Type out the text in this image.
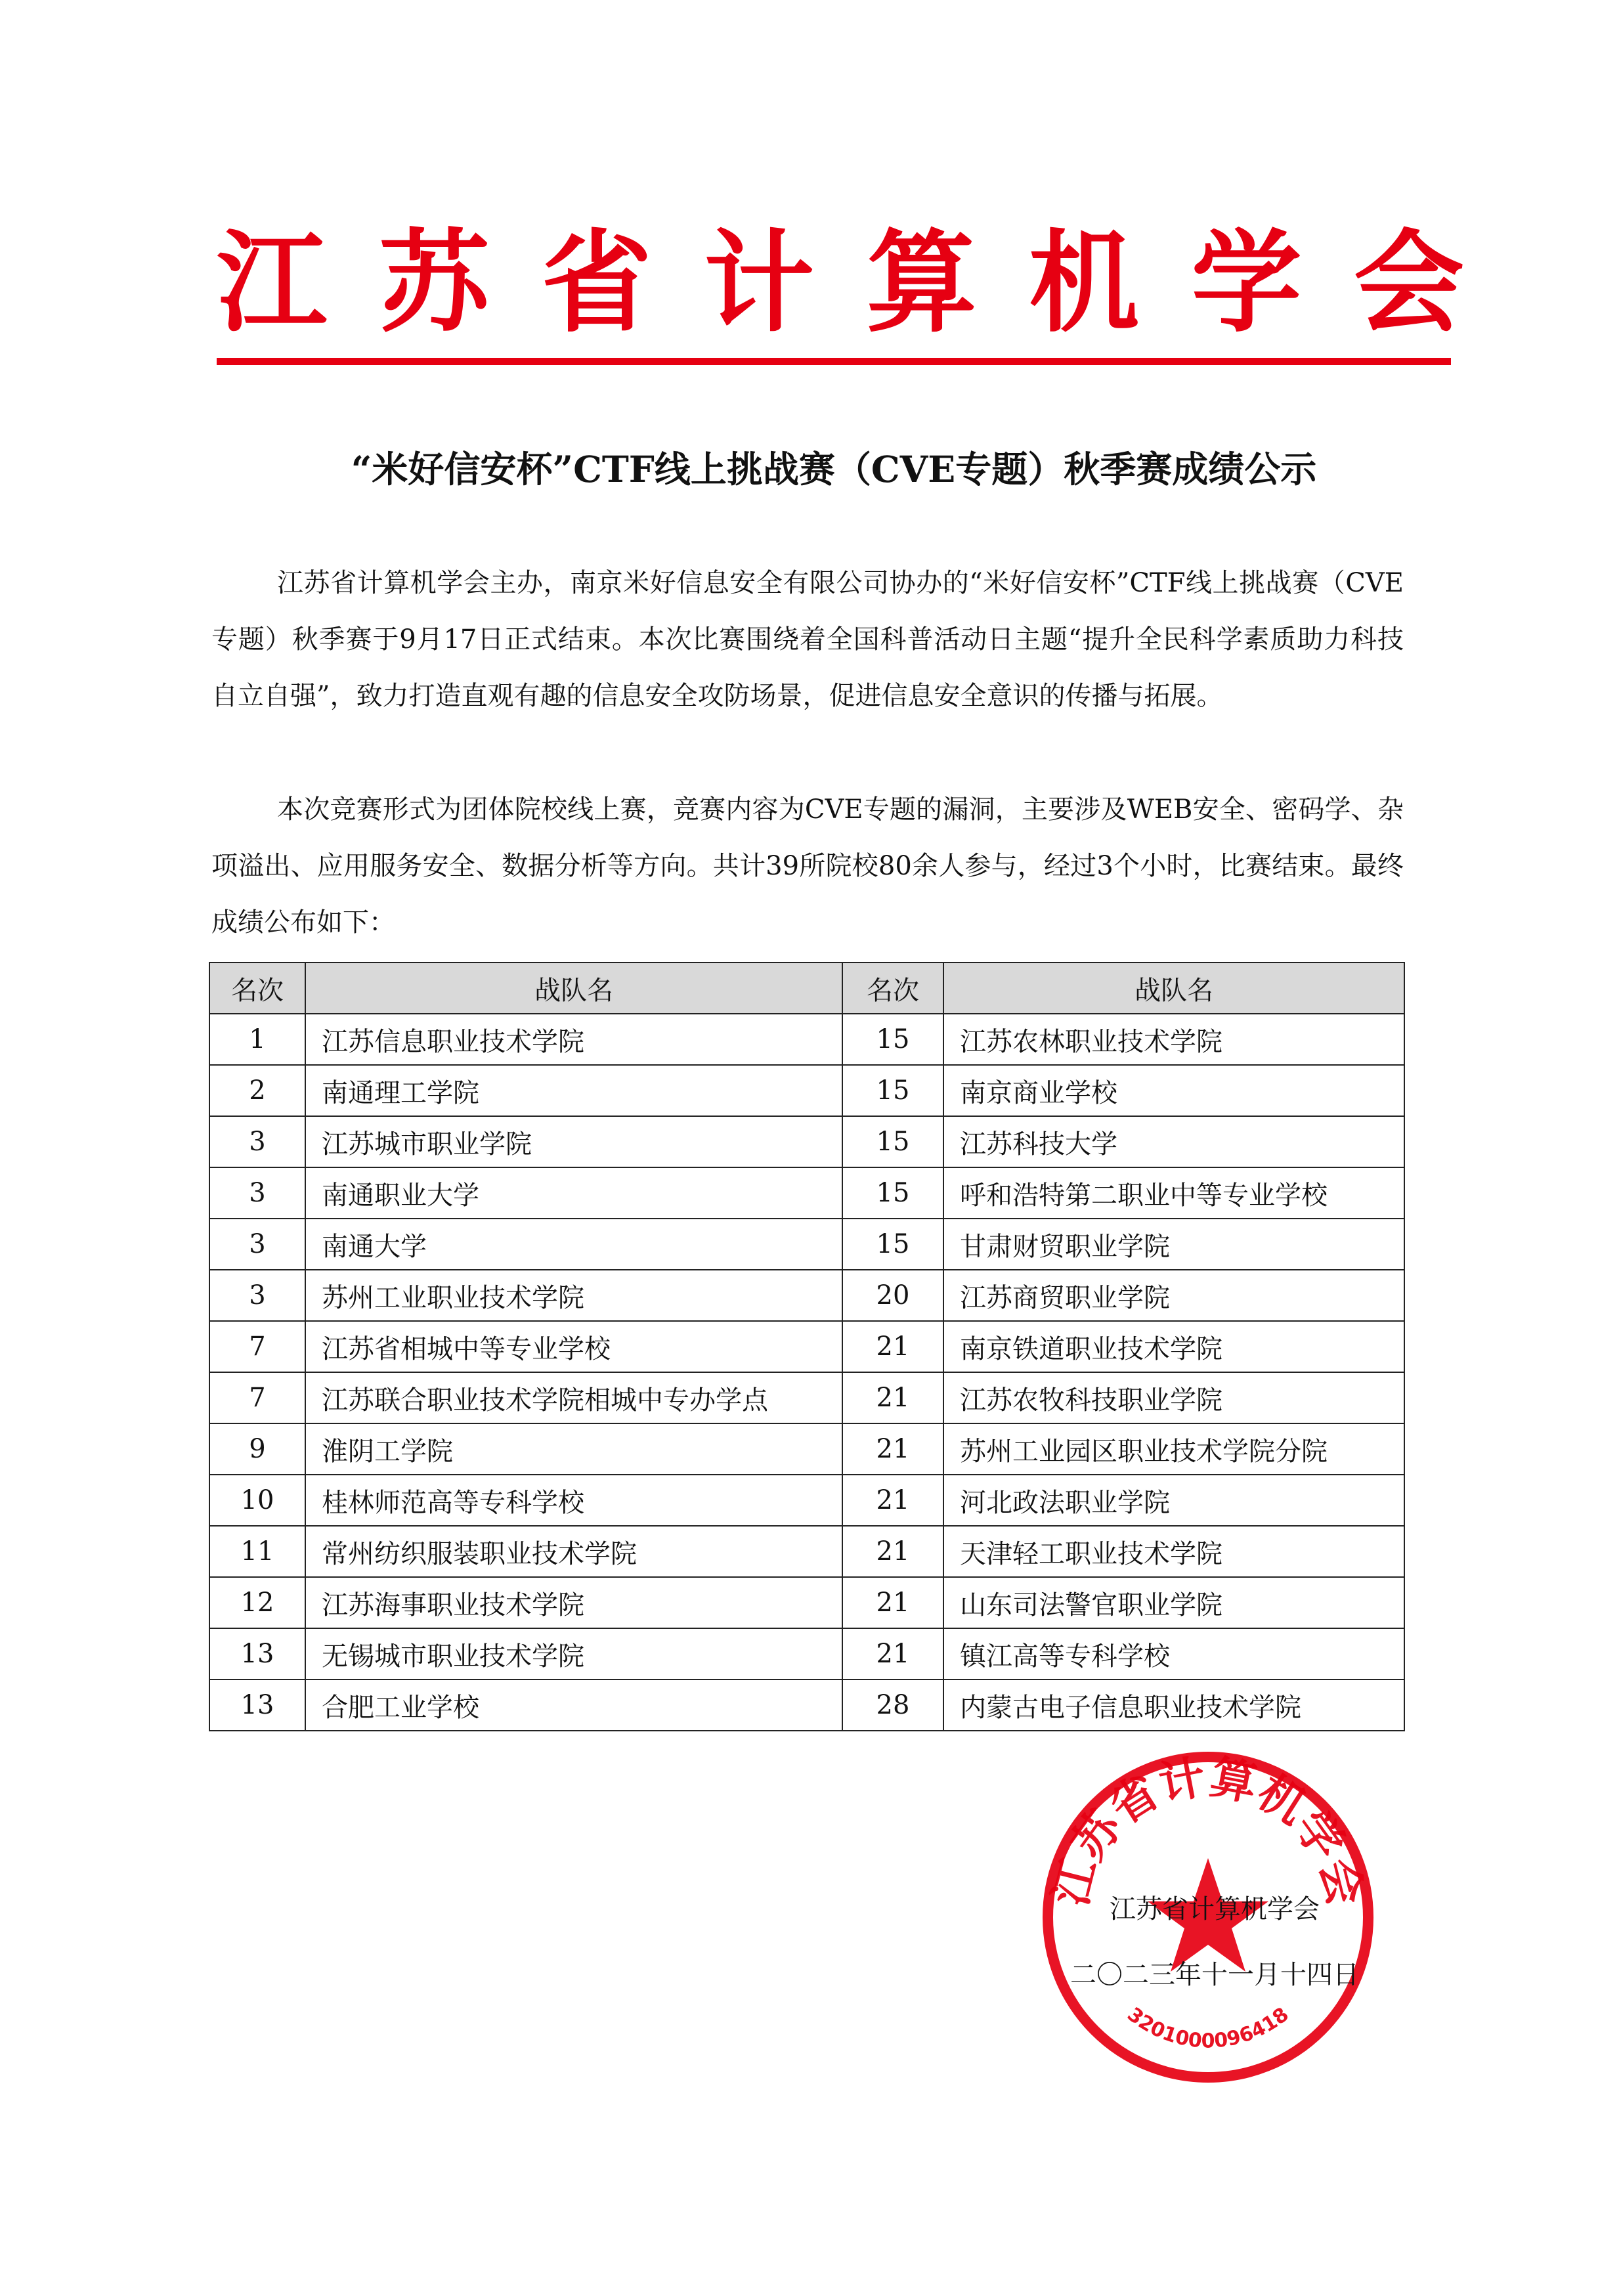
江 苏 省 计 算 机 学 会
“米好信安杯”CTF线上挑战赛（CVE专题）秋季赛成绩公示

江苏省计算机学会主办，南京米好信息安全有限公司协办的“米好信安杯”CTF线上挑战赛（CVE专题）秋季赛于9月17日正式结束。本次比赛围绕着全国科普活动日主题“提升全民科学素质助力科技自立自强”，致力打造直观有趣的信息安全攻防场景，促进信息安全意识的传播与拓展。

本次竞赛形式为团体院校线上赛，竞赛内容为CVE专题的漏洞，主要涉及WEB安全、密码学、杂项溢出、应用服务安全、数据分析等方向。共计39所院校80余人参与，经过3个小时，比赛结束。最终成绩公布如下：

名次	战队名	名次	战队名
1	江苏信息职业技术学院	15	江苏农林职业技术学院
2	南通理工学院	15	南京商业学校
3	江苏城市职业学院	15	江苏科技大学
3	南通职业大学	15	呼和浩特第二职业中等专业学校
3	南通大学	15	甘肃财贸职业学院
3	苏州工业职业技术学院	20	江苏商贸职业学院
7	江苏省相城中等专业学校	21	南京铁道职业技术学院
7	江苏联合职业技术学院相城中专办学点	21	江苏农牧科技职业学院
9	淮阴工学院	21	苏州工业园区职业技术学院分院
10	桂林师范高等专科学校	21	河北政法职业学院
11	常州纺织服装职业技术学院	21	天津轻工职业技术学院
12	江苏海事职业技术学院	21	山东司法警官职业学院
13	无锡城市职业技术学院	21	镇江高等专科学校
13	合肥工业学校	28	内蒙古电子信息职业技术学院
江苏省计算机学会
3201000096418
江苏省计算机学会
二〇二三年十一月十四日
